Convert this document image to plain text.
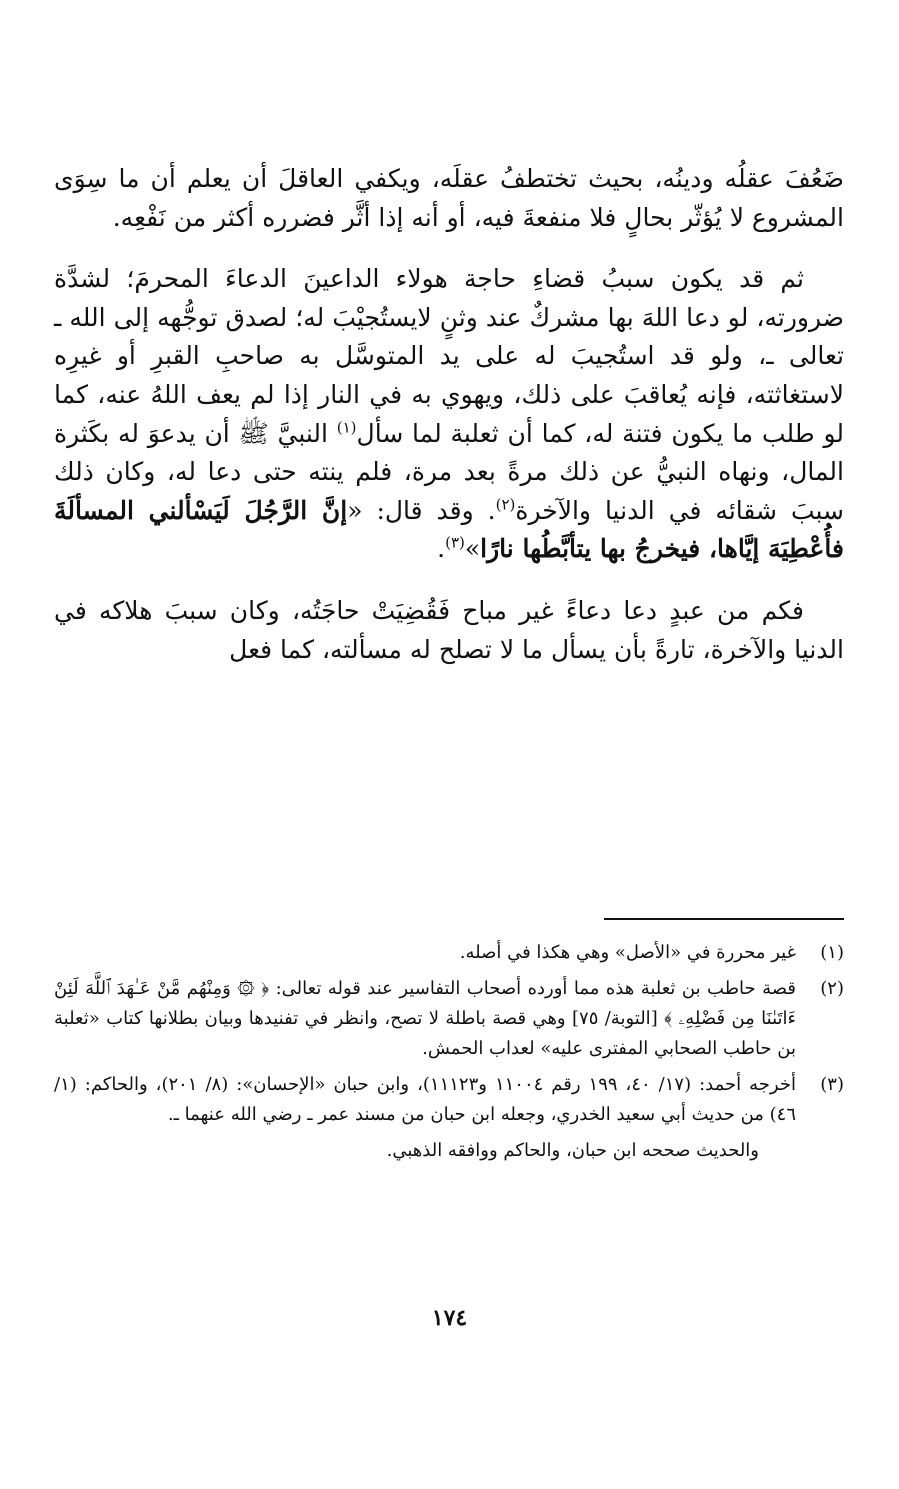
ضَعُفَ عقلُه ودينُه، بحيث تختطفُ عقلَه، ويكفي العاقلَ أن يعلم أن ما سِوَى المشروع لا يُؤثّر بحالٍ فلا منفعةَ فيه، أو أنه إذا أثَّر فضرره أكثر من نَفْعِه.

ثم قد يكون سببُ قضاءِ حاجة هولاء الداعينَ الدعاءَ المحرمَ؛ لشدَّة ضرورته، لو دعا اللهَ بها مشركٌ عند وثنٍ لايستُجيْبَ له؛ لصدق توجُّهه إلى الله ـ تعالى ـ، ولو قد استُجيبَ له على يد المتوسَّل به صاحبِ القبرِ أو غيرِه لاستغاثته، فإنه يُعاقبَ على ذلك، ويهوي به في النار إذا لم يعف اللهُ عنه، كما لو طلب ما يكون فتنة له، كما أن ثعلبة لما سأل$^{(١)}$ النبيَّ ﷺ أن يدعوَ له بكَثرة المال، ونهاه النبيُّ عن ذلك مرةً بعد مرة، فلم ينته حتى دعا له، وكان ذلك سببَ شقائه في الدنيا والآخرة$^{(٢)}$. وقد قال: «إنَّ الرَّجُلَ لَيَسْألني المسألَةَ فأُعْطِيَهَ إيَّاها، فيخرجُ بها يتأبَّطُها نارًا»$^{(٣)}$.

فكم من عبدٍ دعا دعاءً غير مباح فَقُضِيَتْ حاجَتُه، وكان سببَ هلاكه في الدنيا والآخرة، تارةً بأن يسأل ما لا تصلح له مسألته، كما فعل

(١)
غير محررة في «الأصل» وهي هكذا في أصله.
(٢)
قصة حاطب بن ثعلبة هذه مما أورده أصحاب التفاسير عند قوله تعالى: ﴿ ۞ وَمِنْهُم مَّنْ عَـٰهَدَ ٱللَّهَ لَئِنْ ءَاتَىٰنَا مِن فَضْلِهِۦ ﴾ [التوبة/ ٧٥] وهي قصة باطلة لا تصح، وانظر في تفنيدها وبيان بطلانها كتاب «ثعلبة بن حاطب الصحابي المفترى عليه» لعداب الحمش.
(٣)
أخرجه أحمد: (١٧/ ٤٠، ١٩٩ رقم ١١٠٠٤ و١١١٢٣)، وابن حبان «الإحسان»: (٨/ ٢٠١)، والحاكم: (١/ ٤٦) من حديث أبي سعيد الخدري، وجعله ابن حبان من مسند عمر ـ رضي الله عنهما ـ.
والحديث صححه ابن حبان، والحاكم ووافقه الذهبي.
١٧٤
